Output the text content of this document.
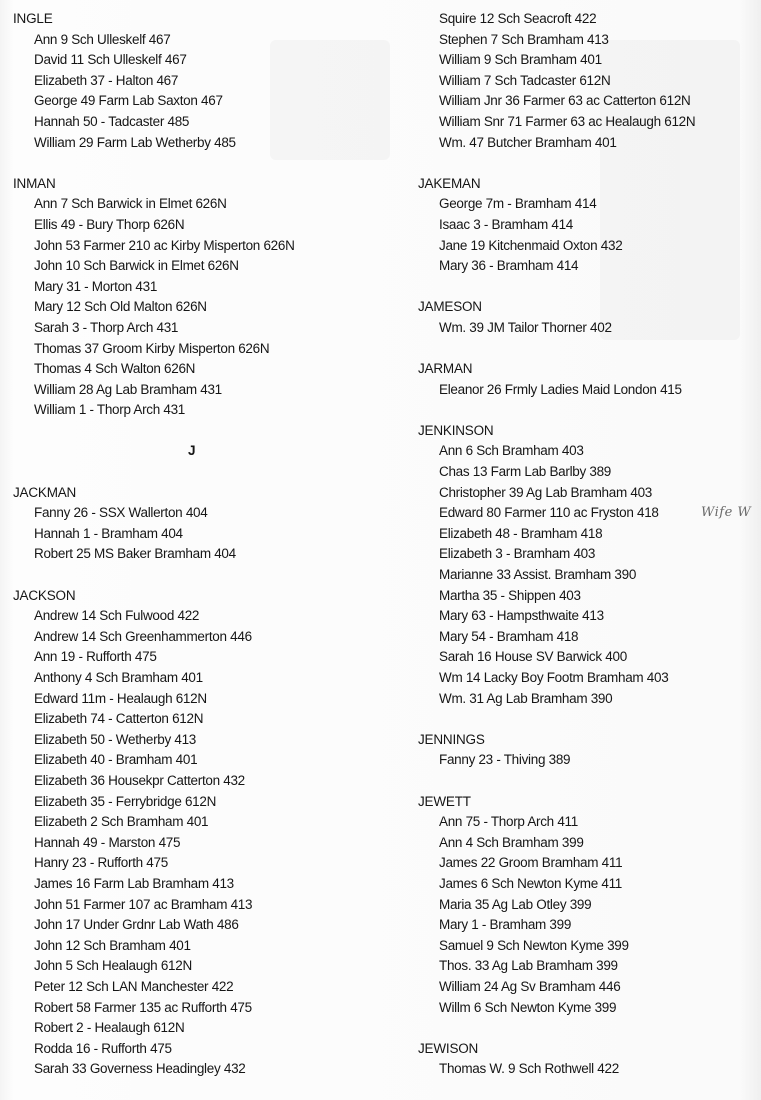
INGLE
Ann 9 Sch Ulleskelf 467
David 11 Sch Ulleskelf 467
Elizabeth 37 - Halton 467
George 49 Farm Lab Saxton 467
Hannah 50 - Tadcaster 485
William 29 Farm Lab Wetherby 485
INMAN
Ann 7 Sch Barwick in Elmet 626N
Ellis 49 - Bury Thorp 626N
John 53 Farmer 210 ac Kirby Misperton 626N
John 10 Sch Barwick in Elmet 626N
Mary 31 - Morton 431
Mary 12 Sch Old Malton 626N
Sarah 3 - Thorp Arch 431
Thomas 37 Groom Kirby Misperton 626N
Thomas 4 Sch Walton 626N
William 28 Ag Lab Bramham 431
William 1 - Thorp Arch 431
J
JACKMAN
Fanny 26 - SSX Wallerton 404
Hannah 1 - Bramham 404
Robert 25 MS Baker Bramham 404
JACKSON
Andrew 14 Sch Fulwood 422
Andrew 14 Sch Greenhammerton 446
Ann 19 - Rufforth 475
Anthony 4 Sch Bramham 401
Edward 11m - Healaugh 612N
Elizabeth 74 - Catterton 612N
Elizabeth 50 - Wetherby 413
Elizabeth 40 - Bramham 401
Elizabeth 36 Housekpr Catterton 432
Elizabeth 35 - Ferrybridge 612N
Elizabeth 2 Sch Bramham 401
Hannah 49 - Marston 475
Hanry 23 - Rufforth 475
James 16 Farm Lab Bramham 413
John 51 Farmer 107 ac Bramham 413
John 17 Under Grdnr Lab Wath 486
John 12 Sch Bramham 401
John 5 Sch Healaugh 612N
Peter 12 Sch LAN Manchester 422
Robert 58 Farmer 135 ac Rufforth 475
Robert 2 - Healaugh 612N
Rodda 16 - Rufforth 475
Sarah 33 Governess Headingley 432
Squire 12 Sch Seacroft 422
Stephen 7 Sch Bramham 413
William 9 Sch Bramham 401
William 7 Sch Tadcaster 612N
William Jnr 36 Farmer 63 ac Catterton 612N
William Snr 71 Farmer 63 ac Healaugh 612N
Wm. 47 Butcher Bramham 401
JAKEMAN
George 7m - Bramham 414
Isaac 3 - Bramham 414
Jane 19 Kitchenmaid Oxton 432
Mary 36 - Bramham 414
JAMESON
Wm. 39 JM Tailor Thorner 402
JARMAN
Eleanor 26 Frmly Ladies Maid London 415
JENKINSON
Ann 6 Sch Bramham 403
Chas 13 Farm Lab Barlby 389
Christopher 39 Ag Lab Bramham 403
Edward 80 Farmer 110 ac Fryston 418
Elizabeth 48 - Bramham 418
Elizabeth 3 - Bramham 403
Marianne 33 Assist. Bramham 390
Martha 35 - Shippen 403
Mary 63 - Hampsthwaite 413
Mary 54 - Bramham 418
Sarah 16 House SV Barwick 400
Wm 14 Lacky Boy Footm Bramham 403
Wm. 31 Ag Lab Bramham 390
JENNINGS
Fanny 23 - Thiving 389
JEWETT
Ann 75 - Thorp Arch 411
Ann 4 Sch Bramham 399
James 22 Groom Bramham 411
James 6 Sch Newton Kyme 411
Maria 35 Ag Lab Otley 399
Mary 1 - Bramham 399
Samuel 9 Sch Newton Kyme 399
Thos. 33 Ag Lab Bramham 399
William 24 Ag Sv Bramham 446
Willm 6 Sch Newton Kyme 399
JEWISON
Thomas W. 9 Sch Rothwell 422
Wife W
